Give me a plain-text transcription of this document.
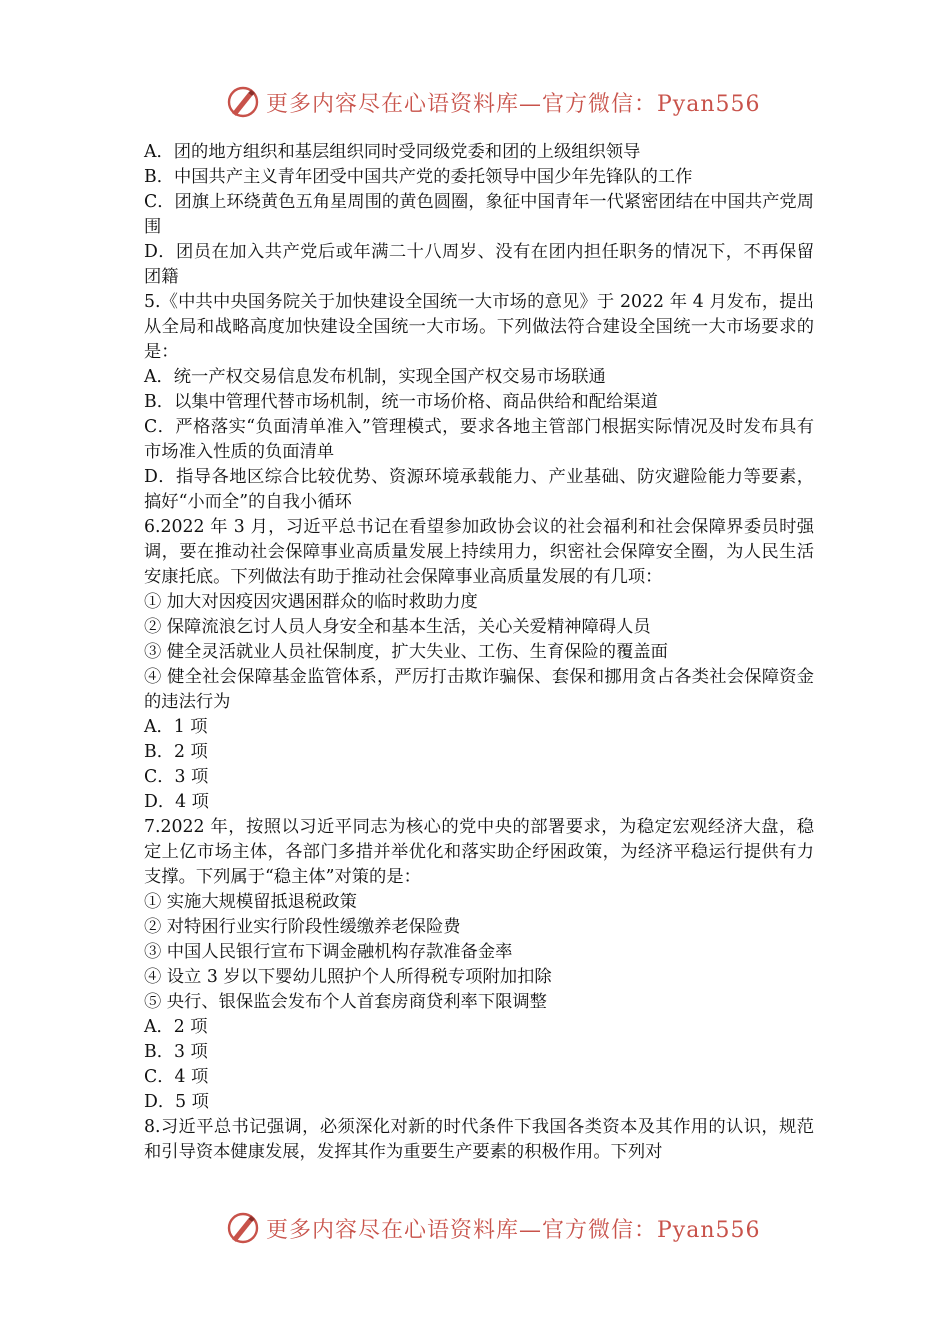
更多内容尽在心语资料库—官方微信：Pyan556

A．团的地方组织和基层组织同时受同级党委和团的上级组织领导

B．中国共产主义青年团受中国共产党的委托领导中国少年先锋队的工作

C．团旗上环绕黄色五角星周围的黄色圆圈，象征中国青年一代紧密团结在中国共产党周围

D．团员在加入共产党后或年满二十八周岁、没有在团内担任职务的情况下，不再保留团籍

5.《中共中央国务院关于加快建设全国统一大市场的意见》于 2022 年 4 月发布，提出从全局和战略高度加快建设全国统一大市场。下列做法符合建设全国统一大市场要求的是：

A．统一产权交易信息发布机制，实现全国产权交易市场联通

B．以集中管理代替市场机制，统一市场价格、商品供给和配给渠道

C．严格落实“负面清单准入”管理模式，要求各地主管部门根据实际情况及时发布具有市场准入性质的负面清单

D．指导各地区综合比较优势、资源环境承载能力、产业基础、防灾避险能力等要素，搞好“小而全”的自我小循环

6.2022 年 3 月，习近平总书记在看望参加政协会议的社会福利和社会保障界委员时强调，要在推动社会保障事业高质量发展上持续用力，织密社会保障安全圈，为人民生活安康托底。下列做法有助于推动社会保障事业高质量发展的有几项：

① 加大对因疫因灾遇困群众的临时救助力度

② 保障流浪乞讨人员人身安全和基本生活，关心关爱精神障碍人员

③ 健全灵活就业人员社保制度，扩大失业、工伤、生育保险的覆盖面

④ 健全社会保障基金监管体系，严厉打击欺诈骗保、套保和挪用贪占各类社会保障资金的违法行为

A．1 项

B．2 项

C．3 项

D．4 项

7.2022 年，按照以习近平同志为核心的党中央的部署要求，为稳定宏观经济大盘，稳定上亿市场主体，各部门多措并举优化和落实助企纾困政策，为经济平稳运行提供有力支撑。下列属于“稳主体”对策的是：

① 实施大规模留抵退税政策

② 对特困行业实行阶段性缓缴养老保险费

③ 中国人民银行宣布下调金融机构存款准备金率

④ 设立 3 岁以下婴幼儿照护个人所得税专项附加扣除

⑤ 央行、银保监会发布个人首套房商贷利率下限调整

A．2 项

B．3 项

C．4 项

D．5 项

8.习近平总书记强调，必须深化对新的时代条件下我国各类资本及其作用的认识，规范和引导资本健康发展，发挥其作为重要生产要素的积极作用。下列对

更多内容尽在心语资料库—官方微信：Pyan556
